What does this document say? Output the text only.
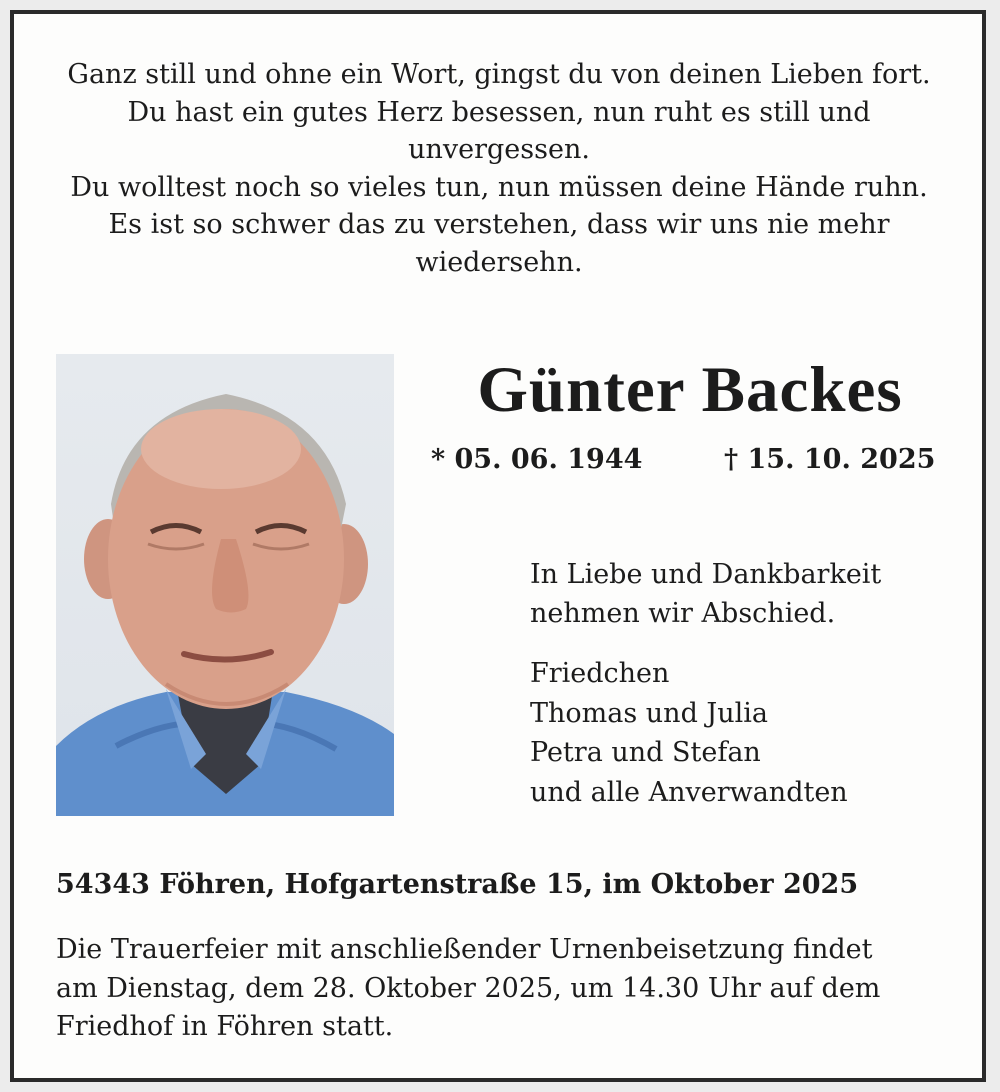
Ganz still und ohne ein Wort, gingst du von deinen Lieben fort.
Du hast ein gutes Herz besessen, nun ruht es still und
unvergessen.
Du wolltest noch so vieles tun, nun müssen deine Hände ruhn.
Es ist so schwer das zu verstehen, dass wir uns nie mehr
wiedersehn.
Günter Backes
* 05. 06. 1944	† 15. 10. 2025
In Liebe und Dankbarkeit
nehmen wir Abschied.
Friedchen
Thomas und Julia
Petra und Stefan
und alle Anverwandten
54343 Föhren, Hofgartenstraße 15, im Oktober 2025
Die Trauerfeier mit anschließender Urnenbeisetzung findet
am Dienstag, dem 28. Oktober 2025, um 14.30 Uhr auf dem
Friedhof in Föhren statt.
